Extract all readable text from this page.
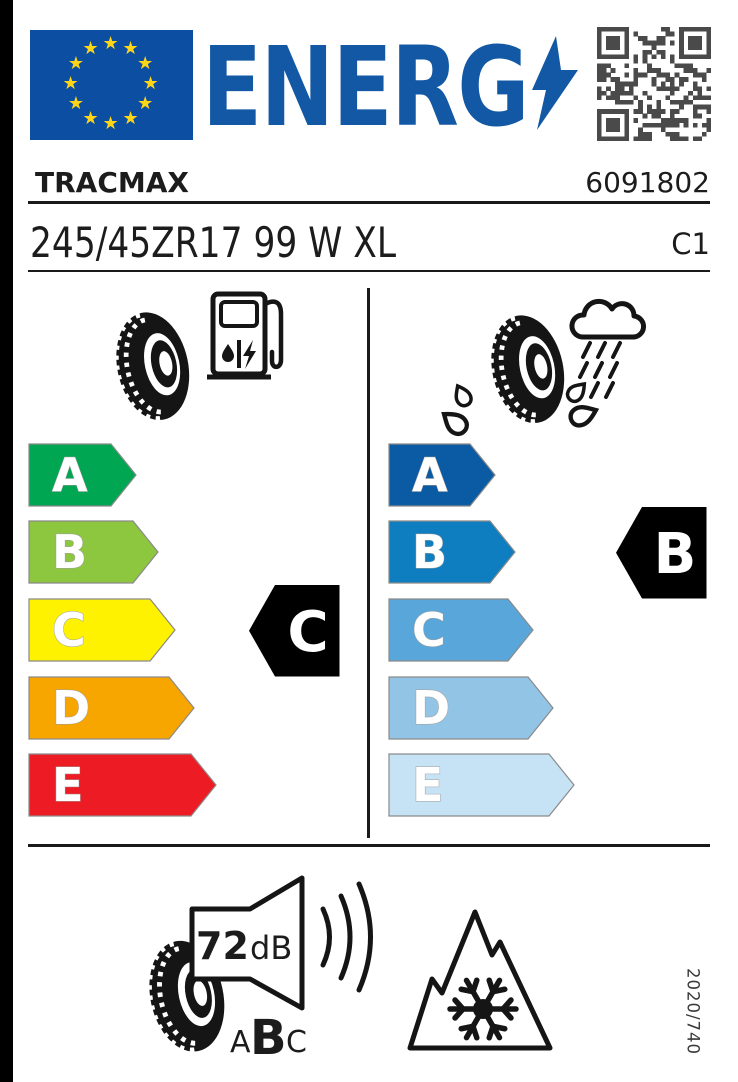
★ ★
★
★
★
★
★
★
★
★
★
★ ENERG
TRACMAX	6091802
245/45ZR17 99 W XL	C1
A
B
C
D
E
A
B
C
D
E
C
B
72 dB
A B C	2020/740
